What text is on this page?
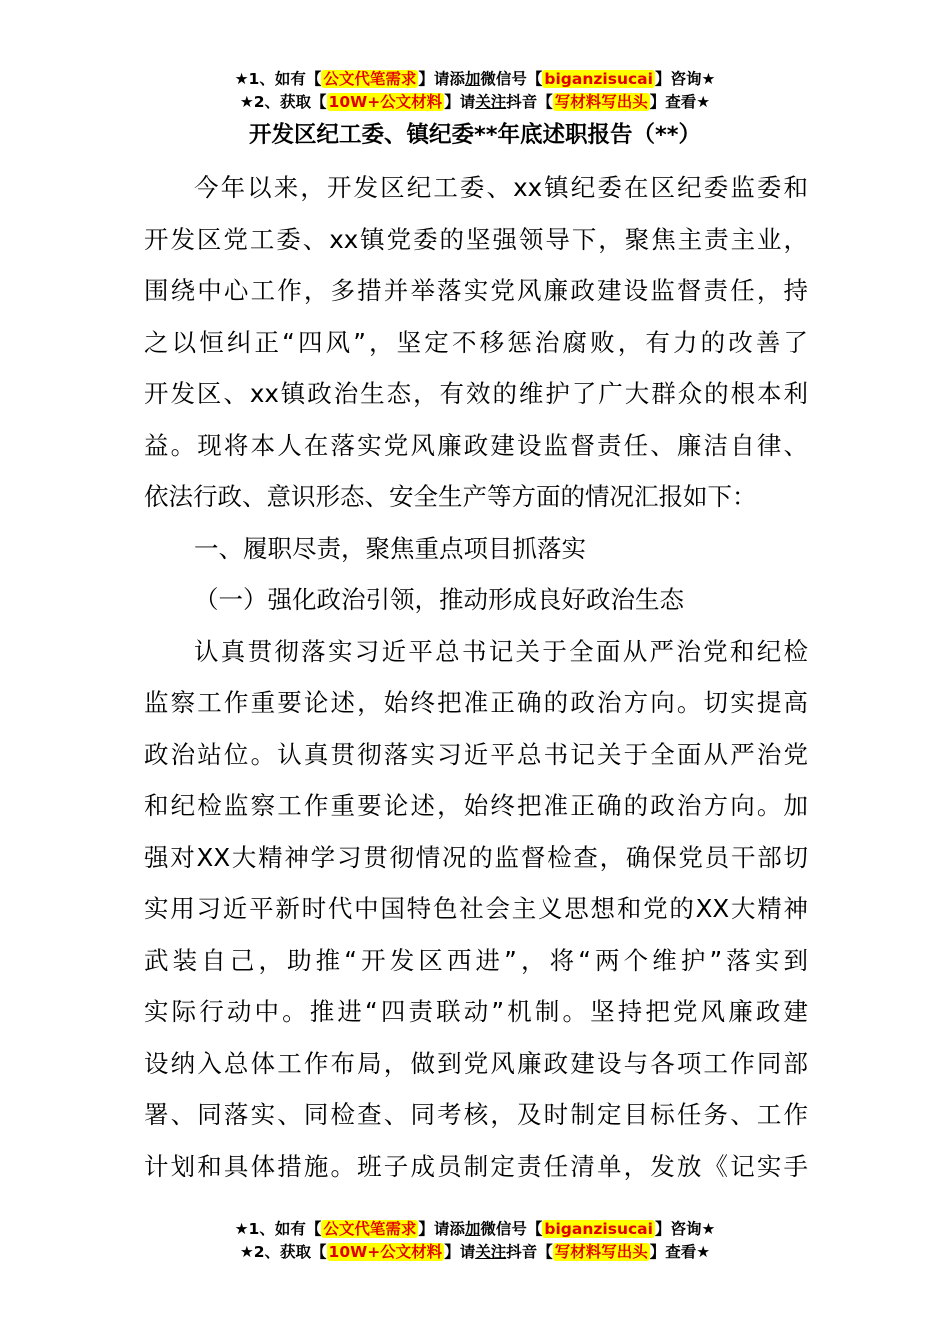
★1、如有【 公文代笔需求 】请添加微信号【 biganzisucai 】咨询★
★2、获取【 10W+公文材料 】请关注抖音【 写材料写出头 】查看★
开发区纪工委、镇纪委**年底述职报告（**）
今年以来，开发区纪工委、xx镇纪委在区纪委监委和
开发区党工委、xx镇党委的坚强领导下，聚焦主责主业，
围绕中心工作，多措并举落实党风廉政建设监督责任，持
之以恒纠正“四风”，坚定不移惩治腐败，有力的改善了
开发区、xx镇政治生态，有效的维护了广大群众的根本利
益。现将本人在落实党风廉政建设监督责任、廉洁自律、
依法行政、意识形态、安全生产等方面的情况汇报如下：
一、履职尽责，聚焦重点项目抓落实
（一）强化政治引领，推动形成良好政治生态
认真贯彻落实习近平总书记关于全面从严治党和纪检
监察工作重要论述，始终把准正确的政治方向。切实提高
政治站位。认真贯彻落实习近平总书记关于全面从严治党
和纪检监察工作重要论述，始终把准正确的政治方向。加
强对XX大精神学习贯彻情况的监督检查，确保党员干部切
实用习近平新时代中国特色社会主义思想和党的XX大精神
武装自己，助推“开发区西进”，将“两个维护”落实到
实际行动中。推进“四责联动”机制。坚持把党风廉政建
设纳入总体工作布局，做到党风廉政建设与各项工作同部
署、同落实、同检查、同考核，及时制定目标任务、工作
计划和具体措施。班子成员制定责任清单，发放《记实手
★1、如有【 公文代笔需求 】请添加微信号【 biganzisucai 】咨询★
★2、获取【 10W+公文材料 】请关注抖音【 写材料写出头 】查看★
